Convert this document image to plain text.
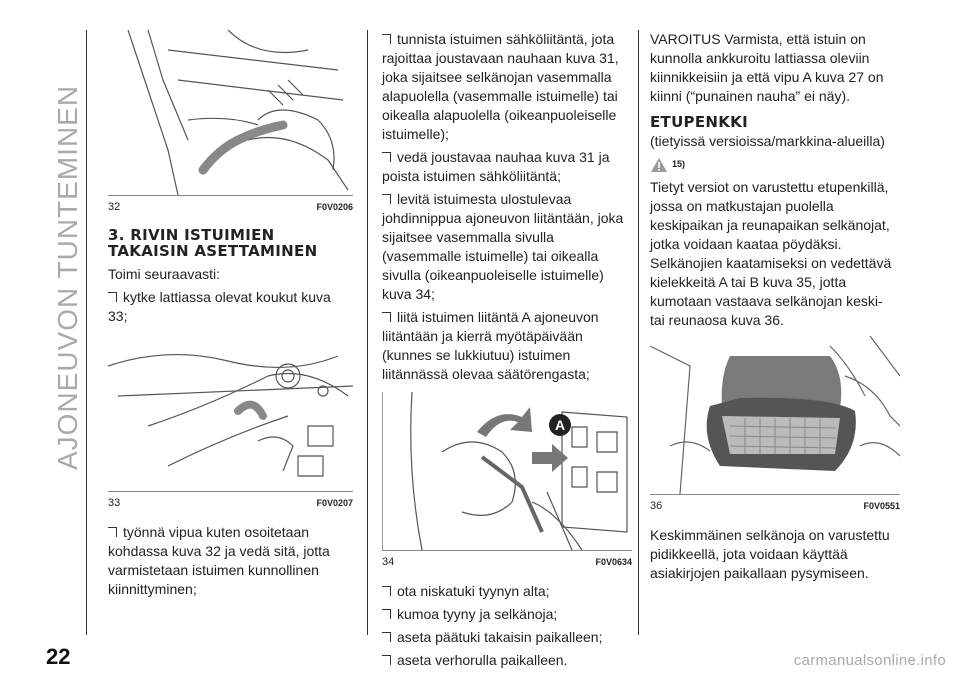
AJONEUVON TUNTEMINEN
22	carmanualsonline.info
32	F0V0206
3. RIVIN ISTUIMIEN TAKAISIN ASETTAMINEN

Toimi seuraavasti:

kytke lattiassa olevat koukut kuva 33;

33	F0V0207

työnnä vipua kuten osoitetaan kohdassa kuva 32 ja vedä sitä, jotta varmistetaan istuimen kunnollinen kiinnittyminen;

tunnista istuimen sähköliitäntä, jota rajoittaa joustavaan nauhaan kuva 31, joka sijaitsee selkänojan vasemmalla alapuolella (vasemmalle istuimelle) tai oikealla alapuolella (oikeanpuoleiselle istuimelle);

vedä joustavaa nauhaa kuva 31 ja poista istuimen sähköliitäntä;

levitä istuimesta ulostulevaa johdinnippua ajoneuvon liitäntään, joka sijaitsee vasemmalla sivulla (vasemmalle istuimelle) tai oikealla sivulla (oikeanpuoleiselle istuimelle) kuva 34;

liitä istuimen liitäntä A ajoneuvon liitäntään ja kierrä myötäpäivään (kunnes se lukkiutuu) istuimen liitännässä olevaa säätörengasta;

A
34	F0V0634

ota niskatuki tyynyn alta;

kumoa tyyny ja selkänoja;

aseta päätuki takaisin paikalleen;

aseta verhorulla paikalleen.

VAROITUS Varmista, että istuin on kunnolla ankkuroitu lattiassa oleviin kiinnikkeisiin ja että vipu A kuva 27 on kiinni (“punainen nauha” ei näy).

ETUPENKKI

(tietyissä versioissa/markkina-alueilla)

15)

Tietyt versiot on varustettu etupenkillä, jossa on matkustajan puolella keskipaikan ja reunapaikan selkänojat, jotka voidaan kaataa pöydäksi. Selkänojien kaatamiseksi on vedettävä kielekkeitä A tai B kuva 35, jotta kumotaan vastaava selkänojan keski- tai reunaosa kuva 36.

36	F0V0551

Keskimmäinen selkänoja on varustettu pidikkeellä, jota voidaan käyttää asiakirjojen paikallaan pysymiseen.
